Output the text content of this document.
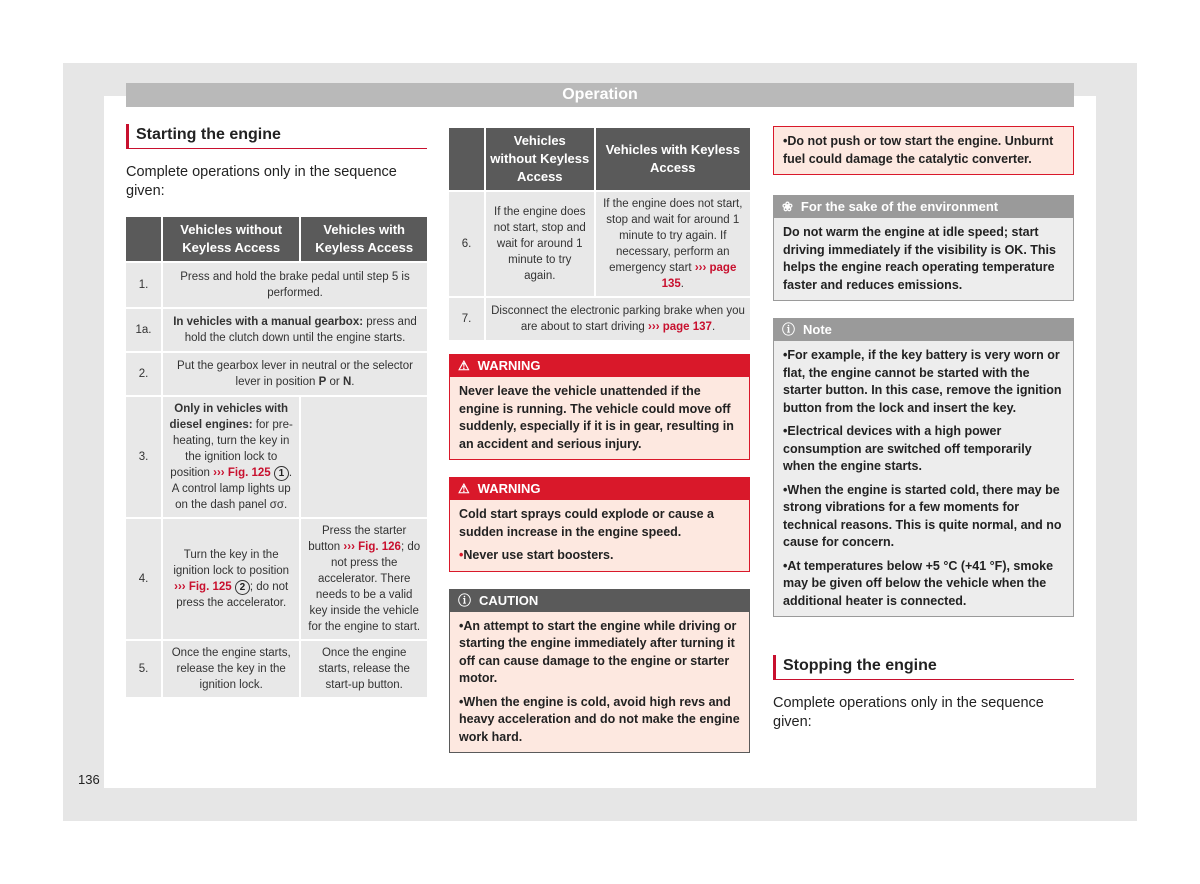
Operation
Starting the engine
Complete operations only in the sequence given:
	Vehicles without Keyless Access	Vehicles with Keyless Access
1.	Press and hold the brake pedal until step 5 is performed.	
1a.	In vehicles with a manual gearbox: press and hold the clutch down until the engine starts.	
2.	Put the gearbox lever in neutral or the selector lever in position P or N.	
3.	Only in vehicles with diesel engines: for pre-heating, turn the key in the ignition lock to position ››› Fig. 125 1 . A control lamp lights up on the dash panel σσ.	
4.	Turn the key in the ignition lock to position ››› Fig. 125 2 ; do not press the accelerator.	Press the starter button ››› Fig. 126; do not press the accelerator. There needs to be a valid key inside the vehicle for the engine to start.
5.	Once the engine starts, release the key in the ignition lock.	Once the engine starts, release the start-up button.
	Vehicles without Keyless Access	Vehicles with Keyless Access
6.	If the engine does not start, stop and wait for around 1 minute to try again.	If the engine does not start, stop and wait for around 1 minute to try again. If necessary, perform an emergency start ››› page 135.
7.	Disconnect the electronic parking brake when you are about to start driving ››› page 137.	
⚠ WARNING
Never leave the vehicle unattended if the engine is running. The vehicle could move off suddenly, especially if it is in gear, resulting in an accident and serious injury.
⚠ WARNING
Cold start sprays could explode or cause a sudden increase in the engine speed.
• Never use start boosters.
ⓘ CAUTION
• An attempt to start the engine while driving or starting the engine immediately after turning it off can cause damage to the engine or starter motor.
• When the engine is cold, avoid high revs and heavy acceleration and do not make the engine work hard.
• Do not push or tow start the engine. Unburnt fuel could damage the catalytic converter.
❀ For the sake of the environment
Do not warm the engine at idle speed; start driving immediately if the visibility is OK. This helps the engine reach operating temperature faster and reduces emissions.
ⓘ Note
• For example, if the key battery is very worn or flat, the engine cannot be started with the starter button. In this case, remove the ignition button from the lock and insert the key.
• Electrical devices with a high power consumption are switched off temporarily when the engine starts.
• When the engine is started cold, there may be strong vibrations for a few moments for technical reasons. This is quite normal, and no cause for concern.
• At temperatures below +5 °C (+41 °F), smoke may be given off below the vehicle when the additional heater is connected.
Stopping the engine
Complete operations only in the sequence given:
136
